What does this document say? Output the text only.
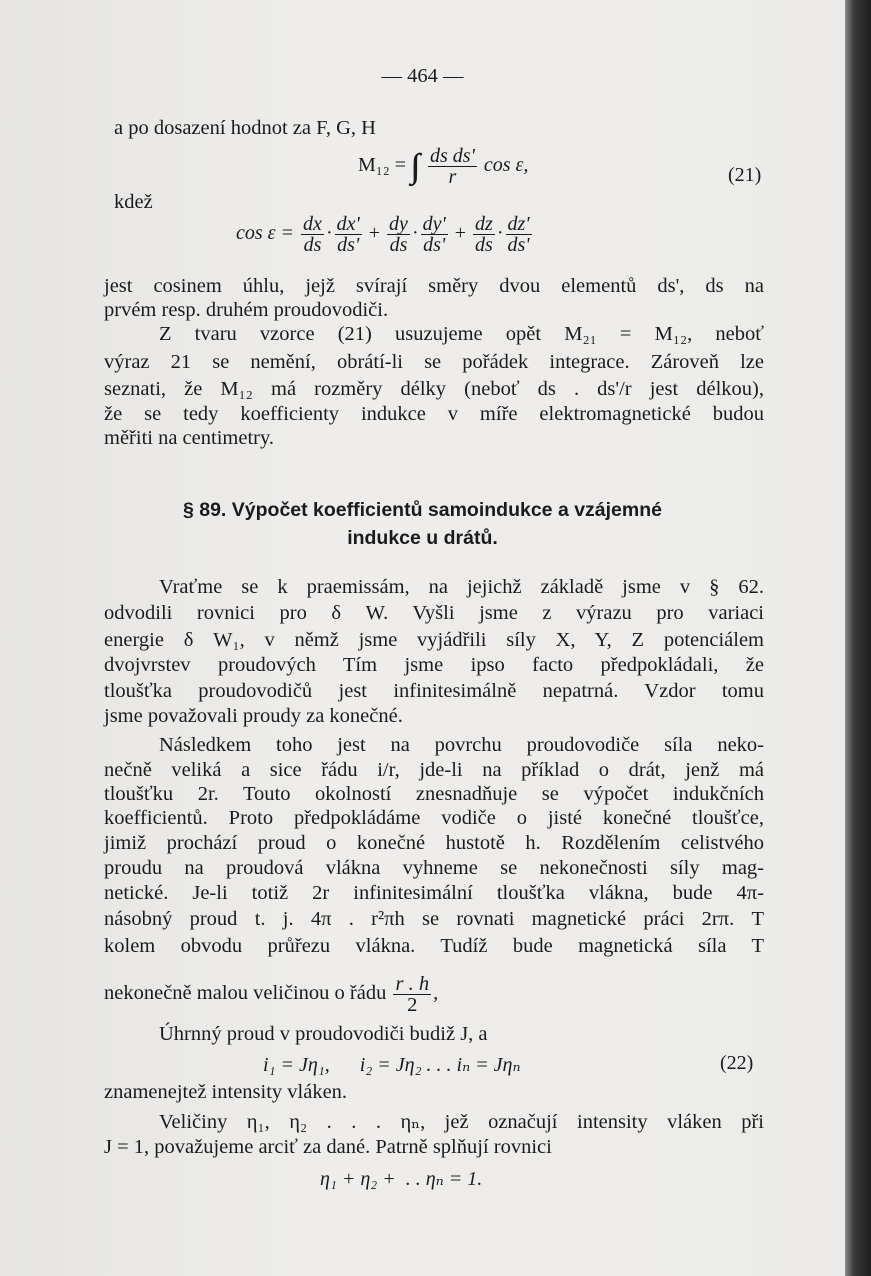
— 464 —
a po dosazení hodnot za F, G, H
$M_{12} = \frac{\text{ds ds'}}{r}$ cos ε,	(21)
kdež
$\cos \varepsilon = \frac{dx}{ds} \cdot \frac{dx'}{ds'} + \frac{dy}{ds} \cdot \frac{dy'}{ds'} + \frac{dz}{ds} \cdot \frac{dz'}{ds'}$
jest cosinem úhlu, jejž svírají směry dvou elementů ds', ds na
prvém resp. druhém proudovodiči.
Z tvaru vzorce (21) usuzujeme opět M₂₁ = M₁₂, neboť
výraz 21 se nemění, obrátí-li se pořádek integrace. Zároveň lze
seznati, že M₁₂ má rozměry délky (neboť ds . ds'/r jest délkou),
že se tedy koefficienty indukce v míře elektromagnetické budou
měřiti na centimetry.
§ 89. Výpočet koefficientů samoindukce a vzájemné
indukce u drátů.
Vraťme se k praemissám, na jejichž základě jsme v § 62.
odvodili rovnici pro δ W. Vyšli jsme z výrazu pro variaci
energie δ W₁, v němž jsme vyjádřili síly X, Y, Z potenciálem
dvojvrstev proudových Tím jsme ipso facto předpokládali, že
tloušťka proudovodičů jest infinitesimálně nepatrná. Vzdor tomu
jsme považovali proudy za konečné.
Následkem toho jest na povrchu proudovodiče síla neko-
nečně veliká a sice řádu i/r, jde-li na příklad o drát, jenž má
tloušťku 2r. Touto okolností znesnadňuje se výpočet indukčních
koefficientů. Proto předpokládáme vodiče o jisté konečné tloušťce,
jimiž prochází proud o konečné hustotě h. Rozdělením celistvého
proudu na proudová vlákna vyhneme se nekonečnosti síly mag-
netické. Je-li totiž 2r infinitesimální tloušťka vlákna, bude 4π-
násobný proud t. j. 4π . r²πh se rovnati magnetické práci 2rπ. T
kolem obvodu průřezu vlákna. Tudíž bude magnetická síla T
nekonečně malou veličinou o řádu $\frac{r . h}{2}$ ,
Úhrnný proud v proudovodiči budiž J, a
i₁ = Jη₁,      i₂ = Jη₂ . . . iₙ = Jηₙ	(22)
znamenejtež intensity vláken.
Veličiny η₁, η₂ . . . ηₙ, jež označují intensity vláken při
J = 1, považujeme arciť za dané. Patrně splňují rovnici
η₁ + η₂ +  . . ηₙ = 1.
